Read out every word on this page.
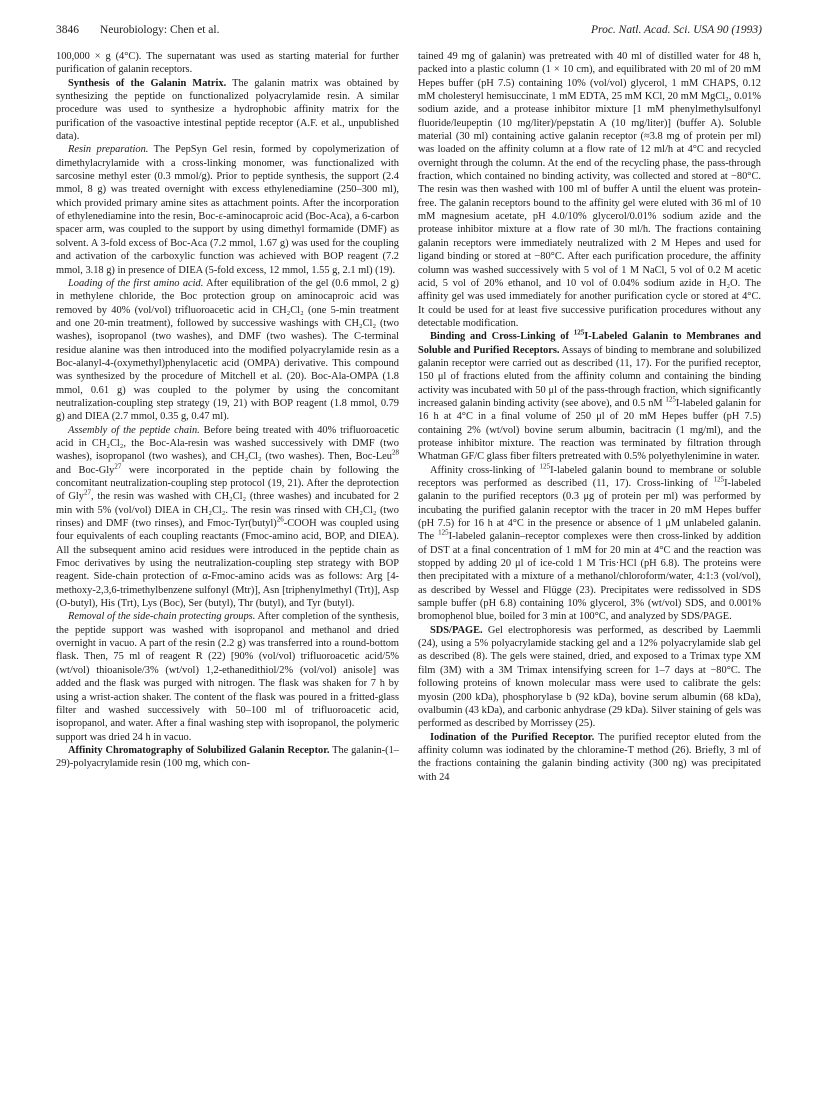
3846 Neurobiology: Chen et al.	Proc. Natl. Acad. Sci. USA 90 (1993)

100,000 × g (4°C). The supernatant was used as starting material for further purification of galanin receptors.

Synthesis of the Galanin Matrix. The galanin matrix was obtained by synthesizing the peptide on functionalized polyacrylamide resin. A similar procedure was used to synthesize a hydrophobic affinity matrix for the purification of the vasoactive intestinal peptide receptor (A.F. et al., unpublished data).

Resin preparation. The PepSyn Gel resin, formed by copolymerization of dimethylacrylamide with a cross-linking monomer, was functionalized with sarcosine methyl ester (0.3 mmol/g). Prior to peptide synthesis, the support (2.4 mmol, 8 g) was treated overnight with excess ethylenediamine (250–300 ml), which provided primary amine sites as attachment points. After the incorporation of ethylenediamine into the resin, Boc-ε-aminocaproic acid (Boc-Aca), a 6-carbon spacer arm, was coupled to the support by using dimethyl formamide (DMF) as solvent. A 3-fold excess of Boc-Aca (7.2 mmol, 1.67 g) was used for the coupling and activation of the carboxylic function was achieved with BOP reagent (7.2 mmol, 3.18 g) in presence of DIEA (5-fold excess, 12 mmol, 1.55 g, 2.1 ml) (19).

Loading of the first amino acid. After equilibration of the gel (0.6 mmol, 2 g) in methylene chloride, the Boc protection group on aminocaproic acid was removed by 40% (vol/vol) trifluoroacetic acid in CH₂Cl₂ (one 5-min treatment and one 20-min treatment), followed by successive washings with CH₂Cl₂ (two washes), isopropanol (two washes), and DMF (two washes). The C-terminal residue alanine was then introduced into the modified polyacrylamide resin as a Boc-alanyl-4-(oxymethyl)phenylacetic acid (OMPA) derivative. This compound was synthesized by the procedure of Mitchell et al. (20). Boc-Ala-OMPA (1.8 mmol, 0.61 g) was coupled to the polymer by using the concomitant neutralization-coupling step strategy (19, 21) with BOP reagent (1.8 mmol, 0.79 g) and DIEA (2.7 mmol, 0.35 g, 0.47 ml).

Assembly of the peptide chain. Before being treated with 40% trifluoroacetic acid in CH₂Cl₂, the Boc-Ala-resin was washed successively with DMF (two washes), isopropanol (two washes), and CH₂Cl₂ (two washes). Then, Boc-Leu$^{28}$ and Boc-Gly$^{27}$ were incorporated in the peptide chain by following the concomitant neutralization-coupling step protocol (19, 21). After the deprotection of Gly$^{27}$, the resin was washed with CH₂Cl₂ (three washes) and incubated for 2 min with 5% (vol/vol) DIEA in CH₂Cl₂. The resin was rinsed with CH₂Cl₂ (two rinses) and DMF (two rinses), and Fmoc-Tyr(butyl)$^{26}$-COOH was coupled using four equivalents of each coupling reactants (Fmoc-amino acid, BOP, and DIEA). All the subsequent amino acid residues were introduced in the peptide chain as Fmoc derivatives by using the neutralization-coupling step strategy with BOP reagent. Side-chain protection of α-Fmoc-amino acids was as follows: Arg [4-methoxy-2,3,6-trimethylbenzene sulfonyl (Mtr)], Asn [triphenylmethyl (Trt)], Asp (O-butyl), His (Trt), Lys (Boc), Ser (butyl), Thr (butyl), and Tyr (butyl).

Removal of the side-chain protecting groups. After completion of the synthesis, the peptide support was washed with isopropanol and methanol and dried overnight in vacuo. A part of the resin (2.2 g) was transferred into a round-bottom flask. Then, 75 ml of reagent R (22) [90% (vol/vol) trifluoroacetic acid/5% (wt/vol) thioanisole/3% (wt/vol) 1,2-ethanedithiol/2% (vol/vol) anisole] was added and the flask was purged with nitrogen. The flask was shaken for 7 h by using a wrist-action shaker. The content of the flask was poured in a fritted-glass filter and washed successively with 50–100 ml of trifluoroacetic acid, isopropanol, and water. After a final washing step with isopropanol, the polymeric support was dried 24 h in vacuo.

Affinity Chromatography of Solubilized Galanin Receptor. The galanin-(1–29)-polyacrylamide resin (100 mg, which con-

tained 49 mg of galanin) was pretreated with 40 ml of distilled water for 48 h, packed into a plastic column (1 × 10 cm), and equilibrated with 20 ml of 20 mM Hepes buffer (pH 7.5) containing 10% (vol/vol) glycerol, 1 mM CHAPS, 0.12 mM cholesteryl hemisuccinate, 1 mM EDTA, 25 mM KCl, 20 mM MgCl₂, 0.01% sodium azide, and a protease inhibitor mixture [1 mM phenylmethylsulfonyl fluoride/leupeptin (10 mg/liter)/pepstatin A (10 mg/liter)] (buffer A). Soluble material (30 ml) containing active galanin receptor (≈3.8 mg of protein per ml) was loaded on the affinity column at a flow rate of 12 ml/h at 4°C and recycled overnight through the column. At the end of the recycling phase, the pass-through fraction, which contained no binding activity, was collected and stored at −80°C. The resin was then washed with 100 ml of buffer A until the eluent was protein-free. The galanin receptors bound to the affinity gel were eluted with 36 ml of 10 mM magnesium acetate, pH 4.0/10% glycerol/0.01% sodium azide and the protease inhibitor mixture at a flow rate of 30 ml/h. The fractions containing galanin receptors were immediately neutralized with 2 M Hepes and used for ligand binding or stored at −80°C. After each purification procedure, the affinity column was washed successively with 5 vol of 1 M NaCl, 5 vol of 0.2 M acetic acid, 5 vol of 20% ethanol, and 10 vol of 0.04% sodium azide in H₂O. The affinity gel was used immediately for another purification cycle or stored at 4°C. It could be used for at least five successive purification procedures without any detectable modification.

Binding and Cross-Linking of $^{125}$I-Labeled Galanin to Membranes and Soluble and Purified Receptors. Assays of binding to membrane and solubilized galanin receptor were carried out as described (11, 17). For the purified receptor, 150 μl of fractions eluted from the affinity column and containing the binding activity was incubated with 50 μl of the pass-through fraction, which significantly increased galanin binding activity (see above), and 0.5 nM $^{125}$I-labeled galanin for 16 h at 4°C in a final volume of 250 μl of 20 mM Hepes buffer (pH 7.5) containing 2% (wt/vol) bovine serum albumin, bacitracin (1 mg/ml), and the protease inhibitor mixture. The reaction was terminated by filtration through Whatman GF/C glass fiber filters pretreated with 0.5% polyethylenimine in water.

Affinity cross-linking of $^{125}$I-labeled galanin bound to membrane or soluble receptors was performed as described (11, 17). Cross-linking of $^{125}$I-labeled galanin to the purified receptors (0.3 μg of protein per ml) was performed by incubating the purified galanin receptor with the tracer in 20 mM Hepes buffer (pH 7.5) for 16 h at 4°C in the presence or absence of 1 μM unlabeled galanin. The $^{125}$I-labeled galanin–receptor complexes were then cross-linked by addition of DST at a final concentration of 1 mM for 20 min at 4°C and the reaction was stopped by adding 20 μl of ice-cold 1 M Tris·HCl (pH 6.8). The proteins were then precipitated with a mixture of a methanol/chloroform/water, 4:1:3 (vol/vol), as described by Wessel and Flügge (23). Precipitates were redissolved in SDS sample buffer (pH 6.8) containing 10% glycerol, 3% (wt/vol) SDS, and 0.001% bromophenol blue, boiled for 3 min at 100°C, and analyzed by SDS/PAGE.

SDS/PAGE. Gel electrophoresis was performed, as described by Laemmli (24), using a 5% polyacrylamide stacking gel and a 12% polyacrylamide slab gel as described (8). The gels were stained, dried, and exposed to a Trimax type XM film (3M) with a 3M Trimax intensifying screen for 1–7 days at −80°C. The following proteins of known molecular mass were used to calibrate the gels: myosin (200 kDa), phosphorylase b (92 kDa), bovine serum albumin (68 kDa), ovalbumin (43 kDa), and carbonic anhydrase (29 kDa). Silver staining of gels was performed as described by Morrissey (25).

Iodination of the Purified Receptor. The purified receptor eluted from the affinity column was iodinated by the chloramine-T method (26). Briefly, 3 ml of the fractions containing the galanin binding activity (300 ng) was precipitated with 24
